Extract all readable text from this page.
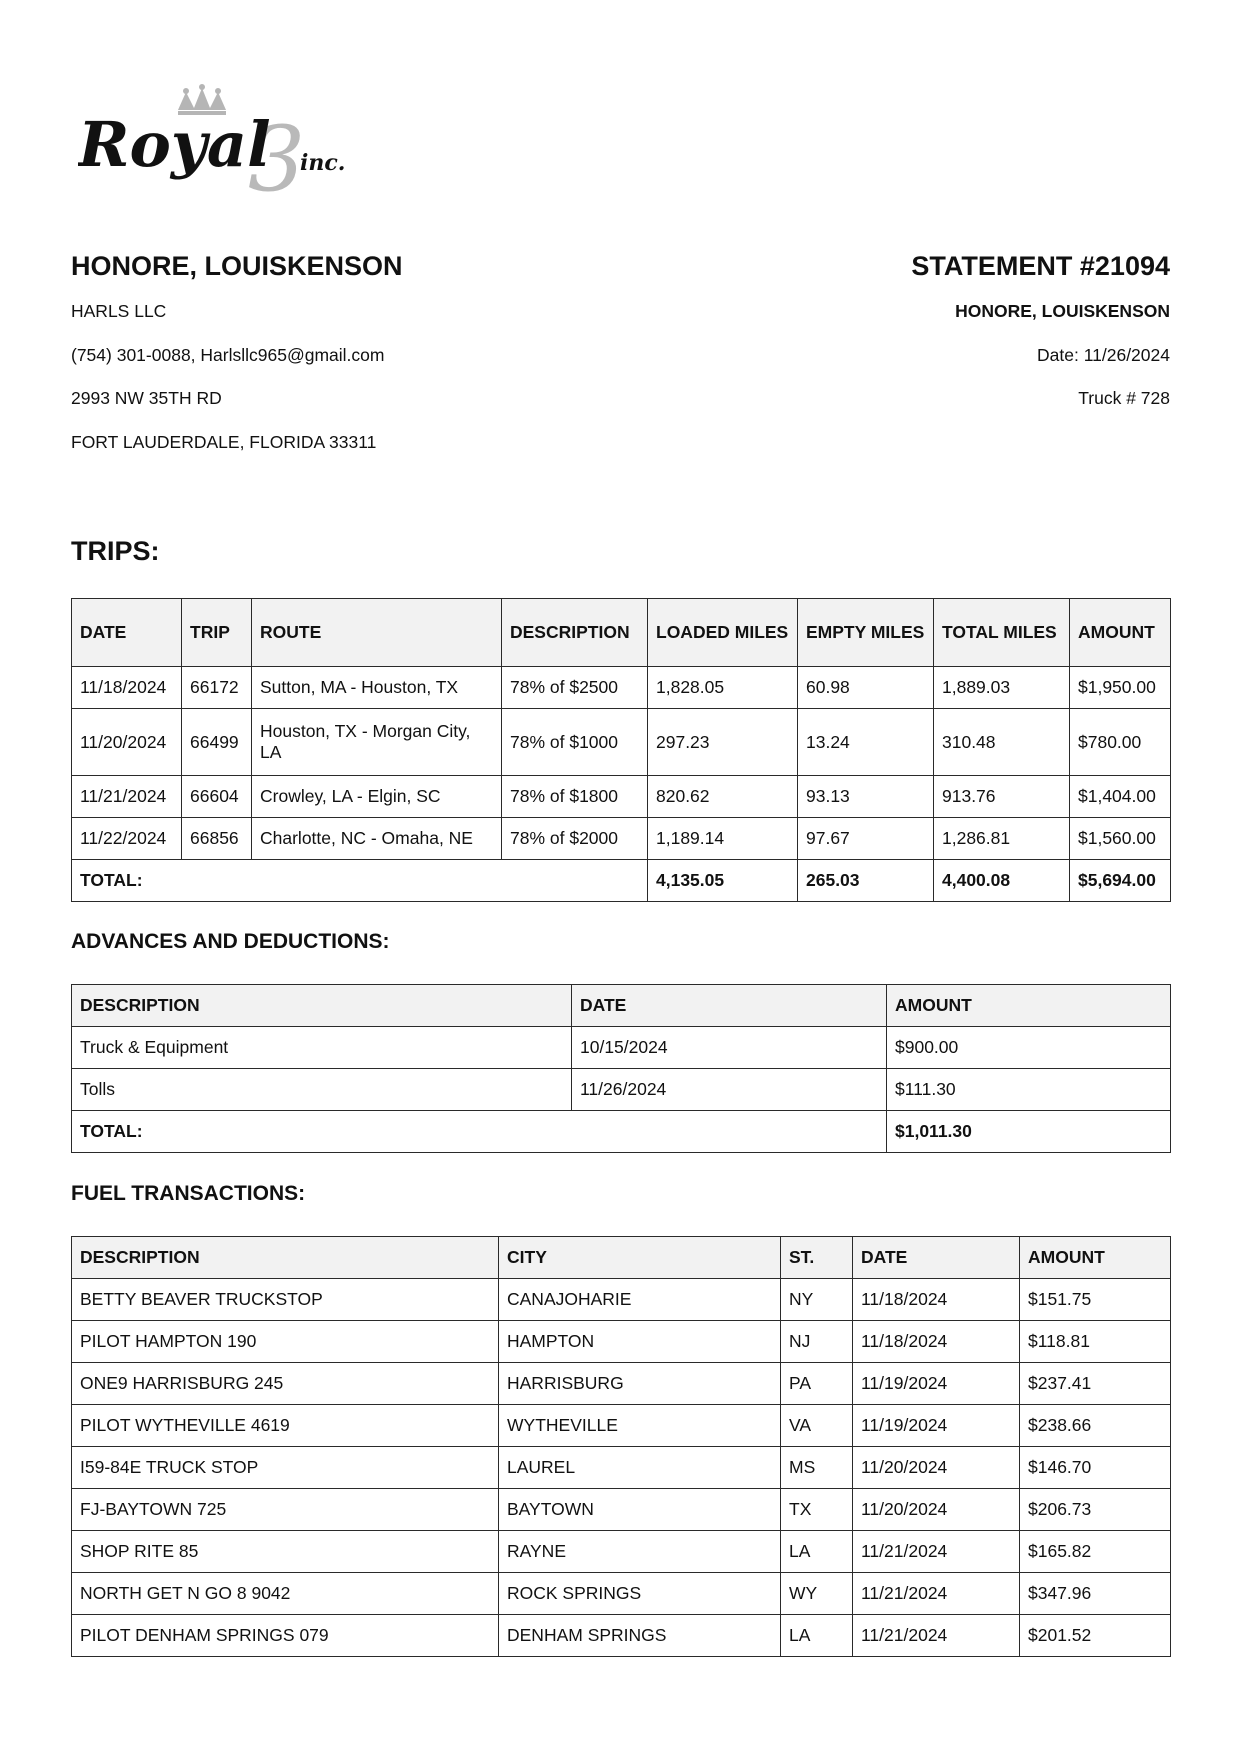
3
Royal inc.
HONORE, LOUISKENSON
HARLS LLC
(754) 301-0088, Harlsllc965@gmail.com
2993 NW 35TH RD
FORT LAUDERDALE, FLORIDA 33311
STATEMENT #21094
HONORE, LOUISKENSON
Date: 11/26/2024
Truck # 728
TRIPS:
DATE	TRIP	ROUTE	DESCRIPTION	LOADED MILES	EMPTY MILES	TOTAL MILES	AMOUNT
11/18/2024	66172	Sutton, MA - Houston, TX	78% of $2500	1,828.05	60.98	1,889.03	$1,950.00
11/20/2024	66499	Houston, TX - Morgan City, LA	78% of $1000	297.23	13.24	310.48	$780.00
11/21/2024	66604	Crowley, LA - Elgin, SC	78% of $1800	820.62	93.13	913.76	$1,404.00
11/22/2024	66856	Charlotte, NC - Omaha, NE	78% of $2000	1,189.14	97.67	1,286.81	$1,560.00
TOTAL:				4,135.05	265.03	4,400.08	$5,694.00
ADVANCES AND DEDUCTIONS:
DESCRIPTION	DATE	AMOUNT
Truck & Equipment	10/15/2024	$900.00
Tolls	11/26/2024	$111.30
TOTAL:		$1,011.30
FUEL TRANSACTIONS:
DESCRIPTION	CITY	ST.	DATE	AMOUNT
BETTY BEAVER TRUCKSTOP	CANAJOHARIE	NY	11/18/2024	$151.75
PILOT HAMPTON 190	HAMPTON	NJ	11/18/2024	$118.81
ONE9 HARRISBURG 245	HARRISBURG	PA	11/19/2024	$237.41
PILOT WYTHEVILLE 4619	WYTHEVILLE	VA	11/19/2024	$238.66
I59-84E TRUCK STOP	LAUREL	MS	11/20/2024	$146.70
FJ-BAYTOWN 725	BAYTOWN	TX	11/20/2024	$206.73
SHOP RITE 85	RAYNE	LA	11/21/2024	$165.82
NORTH GET N GO 8 9042	ROCK SPRINGS	WY	11/21/2024	$347.96
PILOT DENHAM SPRINGS 079	DENHAM SPRINGS	LA	11/21/2024	$201.52
